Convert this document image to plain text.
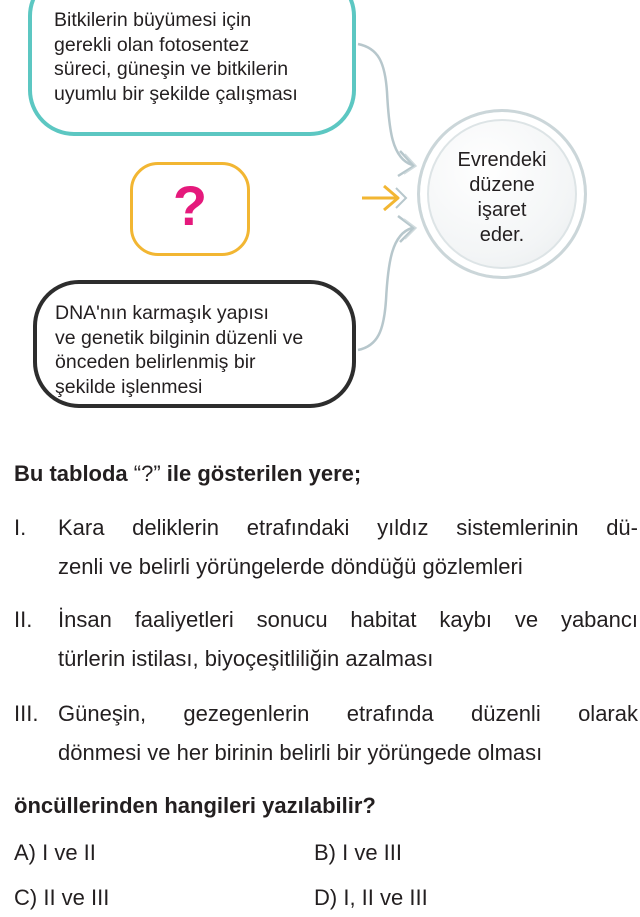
Bitkilerin büyümesi için
gerekli olan fotosentez
süreci, güneşin ve bitkilerin
uyumlu bir şekilde çalışması
?
DNA'nın karmaşık yapısı
ve genetik bilginin düzenli ve
önceden belirlenmiş bir
şekilde işlenmesi
Evrendeki
düzene
işaret
eder.
Bu tabloda “?” ile gösterilen yere;
I. Kara deliklerin etrafındaki yıldız sistemlerinin dü-
zenli ve belirli yörüngelerde döndüğü gözlemleri
II. İnsan faaliyetleri sonucu habitat kaybı ve yabancı
türlerin istilası, biyoçeşitliliğin azalması
III. Güneşin, gezegenlerin etrafında düzenli olarak
dönmesi ve her birinin belirli bir yörüngede olması
öncüllerinden hangileri yazılabilir?
A) I ve II	B) I ve III
C) II ve III	D) I, II ve III
